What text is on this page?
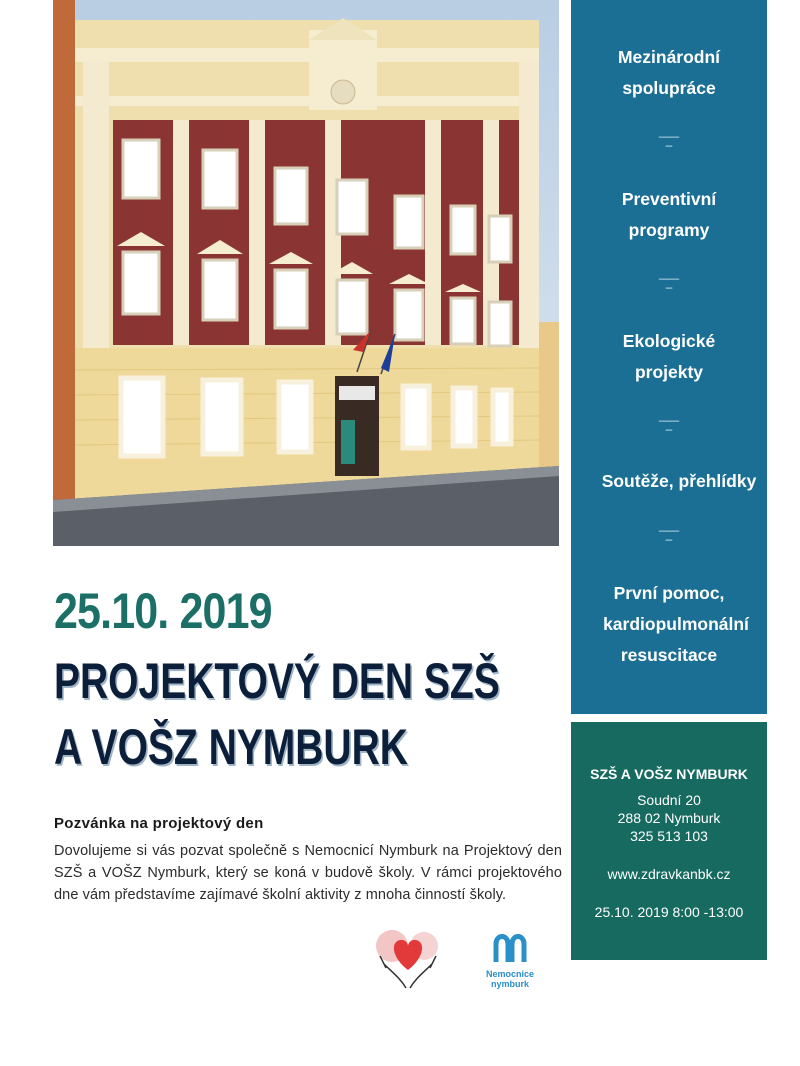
25.10. 2019
PROJEKTOVÝ DEN SZŠ
A VOŠZ NYMBURK
Pozvánka na projektový den
Dovolujeme si vás pozvat společně s Nemocnicí Nymburk na Projektový den SZŠ a VOŠZ Nymburk, který se koná v budově školy. V rámci projektového dne vám představíme zajímavé školní aktivity z mnoha činností školy.
Nemocnice
nymburk
Mezinárodní
spolupráce
___
–
Preventivní
programy
___
–
Ekologické
projekty
___
–
Soutěže, přehlídky
___
–
První pomoc,
kardiopulmonální
resuscitace
SZŠ A VOŠZ NYMBURK
Soudní 20
288 02 Nymburk
325 513 103
www.zdravkanbk.cz
25.10. 2019 8:00 -13:00
